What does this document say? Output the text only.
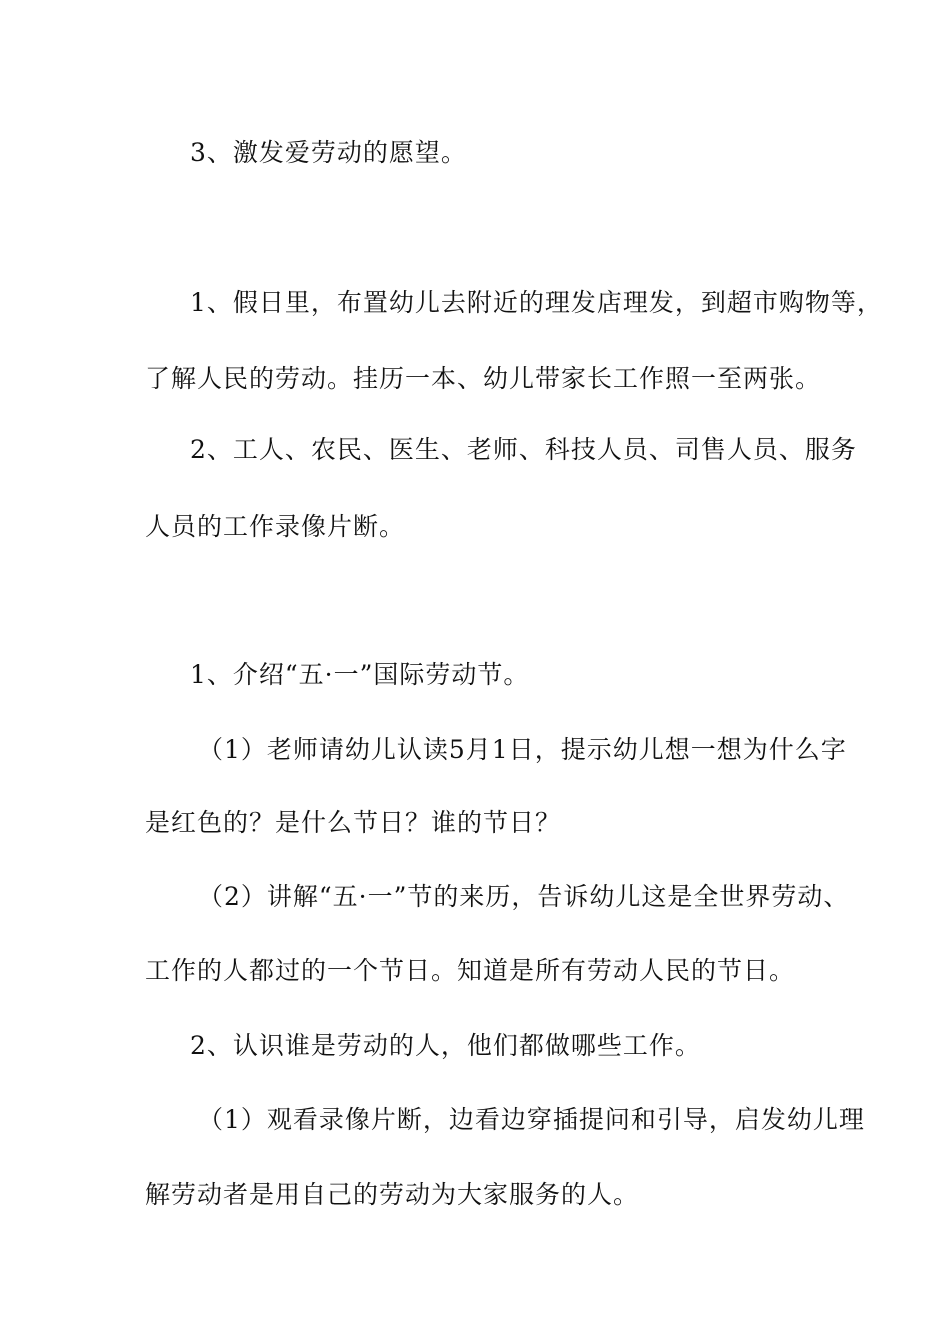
3、激发爱劳动的愿望。
1、假日里，布置幼儿去附近的理发店理发，到超市购物等，
了解人民的劳动。挂历一本、幼儿带家长工作照一至两张。
2、工人、农民、医生、老师、科技人员、司售人员、服务
人员的工作录像片断。
1、介绍“五·一”国际劳动节。
（1）老师请幼儿认读5月1日，提示幼儿想一想为什么字
是红色的？是什么节日？谁的节日？
（2）讲解“五·一”节的来历，告诉幼儿这是全世界劳动、
工作的人都过的一个节日。知道是所有劳动人民的节日。
2、认识谁是劳动的人，他们都做哪些工作。
（1）观看录像片断，边看边穿插提问和引导，启发幼儿理
解劳动者是用自己的劳动为大家服务的人。
